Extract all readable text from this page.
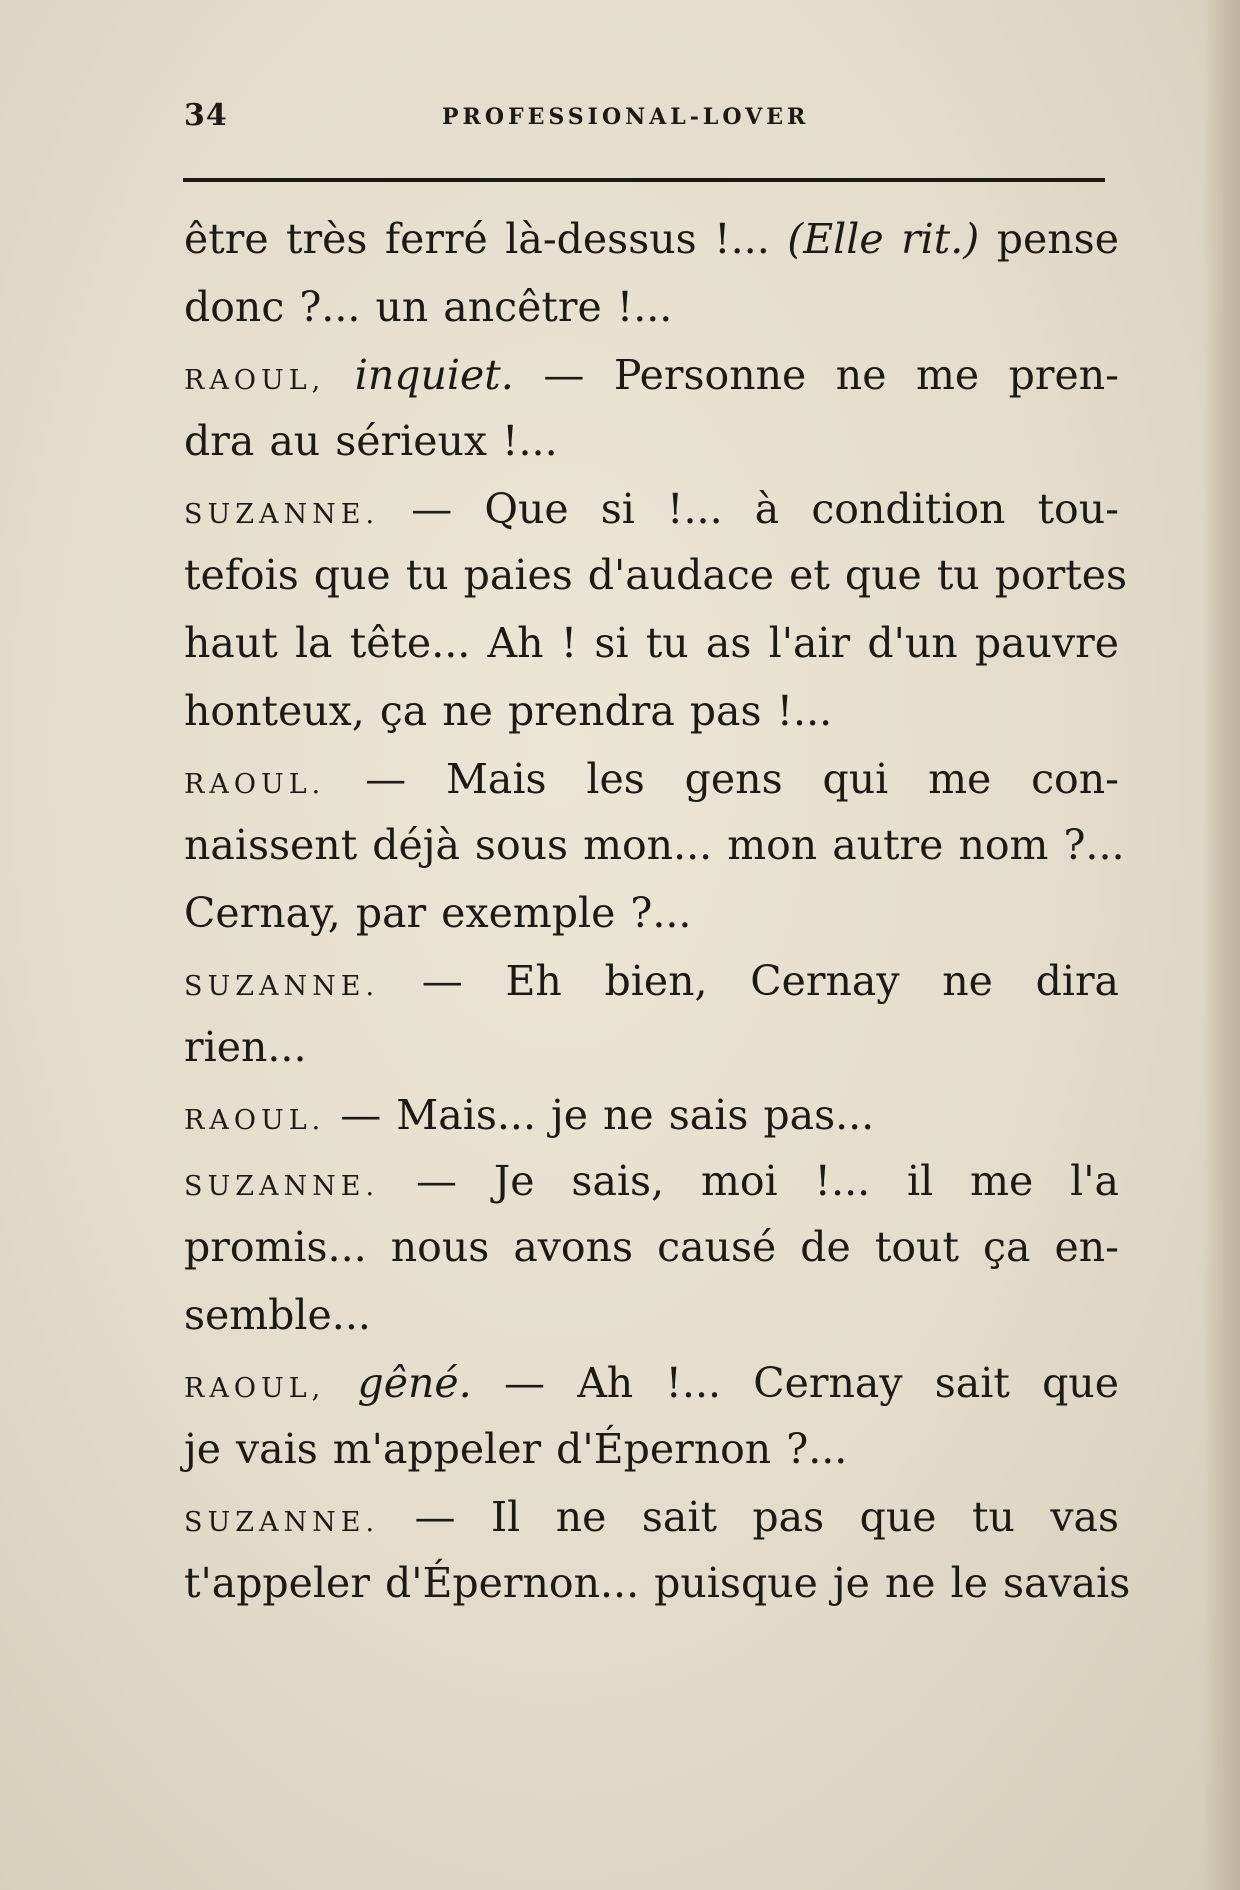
34	PROFESSIONAL-LOVER
être très ferré là-dessus !... (Elle rit.) pense
donc ?... un ancêtre !...
RAOUL, inquiet. — Personne ne me pren-
dra au sérieux !...
SUZANNE. — Que si !... à condition tou-
tefois que tu paies d'audace et que tu portes
haut la tête... Ah ! si tu as l'air d'un pauvre
honteux, ça ne prendra pas !...
RAOUL. — Mais les gens qui me con-
naissent déjà sous mon... mon autre nom ?...
Cernay, par exemple ?...
SUZANNE. — Eh bien, Cernay ne dira
rien...
RAOUL. — Mais... je ne sais pas...
SUZANNE. — Je sais, moi !... il me l'a
promis... nous avons causé de tout ça en-
semble...
RAOUL, gêné. — Ah !... Cernay sait que
je vais m'appeler d'Épernon ?...
SUZANNE. — Il ne sait pas que tu vas
t'appeler d'Épernon... puisque je ne le savais
